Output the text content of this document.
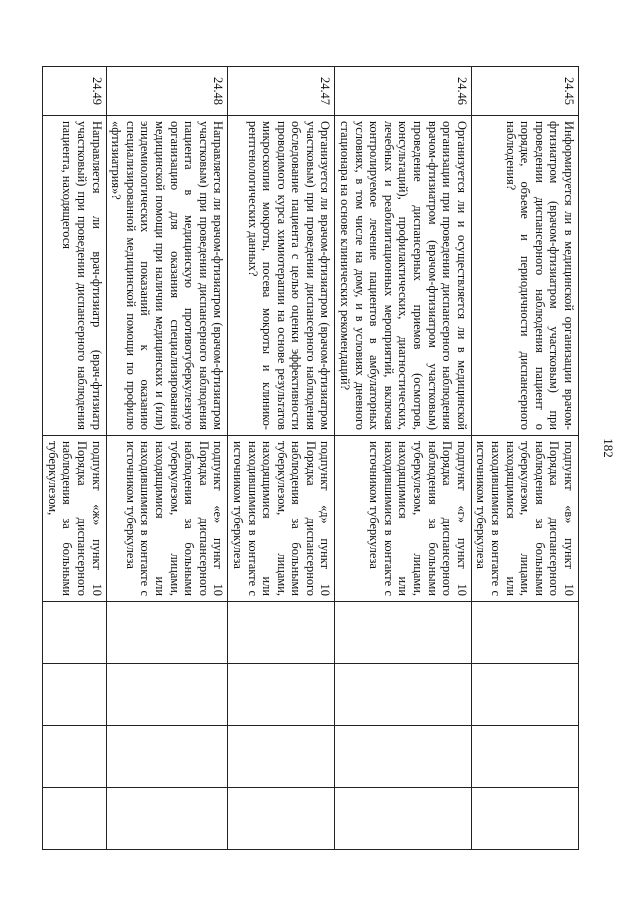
182
24.45	Информируется ли в медицинской организации врачом-фтизиатром (врачом-фтизиатром участковым) при проведении диспансерного наблюдения пациент о порядке, объеме и периодичности диспансерного наблюдения?	подпункт «в» пункт 10 Порядка диспансерного наблюдения за больными туберкулезом, лицами, находящимися или находившимися в контакте с источником туберкулеза				
24.46	Организуется ли и осуществляется ли в медицинской организации при проведении диспансерного наблюдения врачом-фтизиатром (врачом-фтизиатром участковым) проведение диспансерных приемов (осмотров, консультаций), профилактических, диагностических, лечебных и реабилитационных мероприятий, включая контролируемое лечение пациентов в амбулаторных условиях, в том числе на дому, и в условиях дневного стационара на основе клинических рекомендаций?	подпункт «г» пункт 10 Порядка диспансерного наблюдения за больными туберкулезом, лицами, находящимися или находившимися в контакте с источником туберкулеза				
24.47	Организуется ли врачом-фтизиатром (врачом-фтизиатром участковым) при проведении диспансерного наблюдения обследование пациента с целью оценки эффективности проводимого курса химиотерапии на основе результатов микроскопии мокроты, посева мокроты и клинико-рентгенологических данных?	подпункт «д» пункт 10 Порядка диспансерного наблюдения за больными туберкулезом, лицами, находящимися или находившимися в контакте с источником туберкулеза				
24.48	Направляется ли врачом-фтизиатром (врачом-фтизиатром участковым) при проведении диспансерного наблюдения пациента в медицинскую противотуберкулезную организацию для оказания специализированной медицинской помощи при наличии медицинских и (или) эпидемиологических показаний к оказанию специализированной медицинской помощи по профилю «фтизиатрия»?	подпункт «е» пункт 10 Порядка диспансерного наблюдения за больными туберкулезом, лицами, находящимися или находившимися в контакте с источником туберкулеза				
24.49	Направляется ли врач-фтизиатр (врач-фтизиатр участковый) при проведении диспансерного наблюдения пациента, находящегося	подпункт «ж» пункт 10 Порядка диспансерного наблюдения за больными туберкулезом,				
